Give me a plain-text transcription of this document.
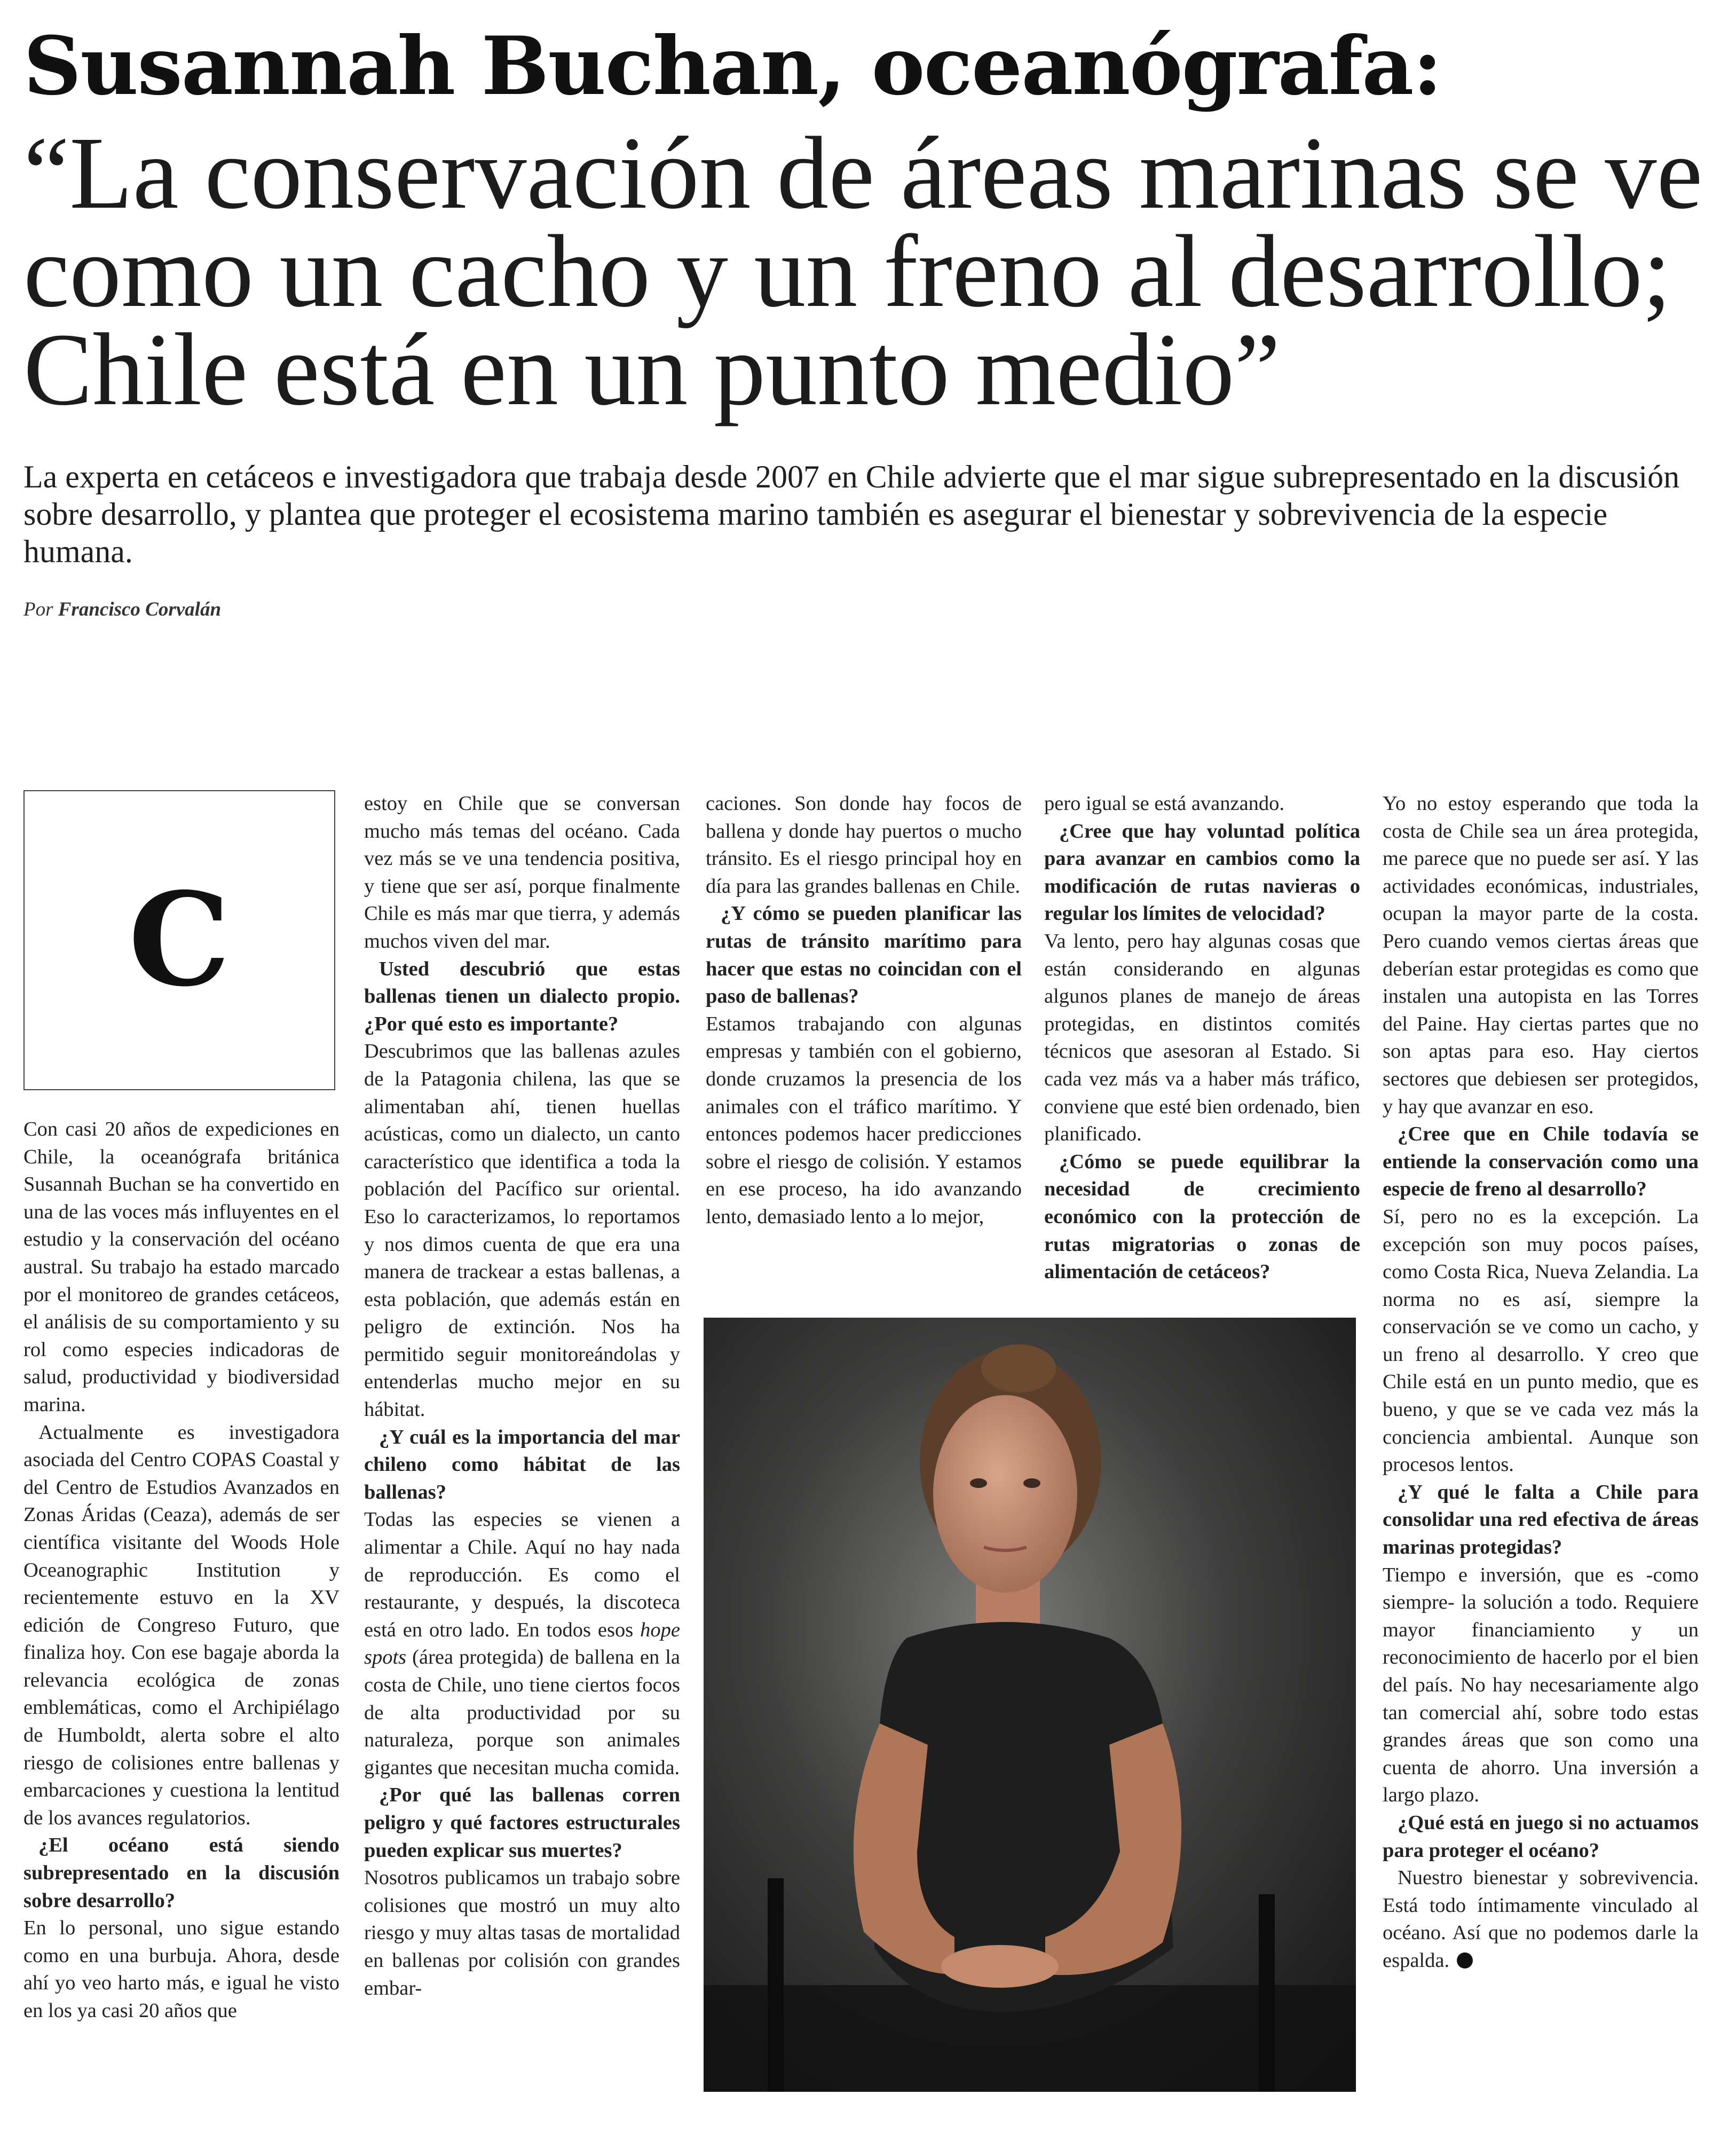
Susannah Buchan, oceanógrafa:
“La conservación de áreas marinas se ve
como un cacho y un freno al desarrollo;
Chile está en un punto medio”

La experta en cetáceos e investigadora que trabaja desde 2007 en Chile advierte que el mar sigue subrepresentado en la discusión sobre desarrollo, y plantea que proteger el ecosistema marino también es asegurar el bienestar y sobrevivencia de la especie humana.

Por Francisco Corvalán

C

Con casi 20 años de expediciones en Chile, la oceanógrafa británica Susannah Buchan se ha convertido en una de las voces más influyentes en el estudio y la conservación del océano austral. Su trabajo ha estado marcado por el monitoreo de grandes cetáceos, el análisis de su comportamiento y su rol como especies indicadoras de salud, productividad y biodiversidad marina.

Actualmente es investigadora asociada del Centro COPAS Coastal y del Centro de Estudios Avanzados en Zonas Áridas (Ceaza), además de ser científica visitante del Woods Hole Oceanographic Institution y recientemente estuvo en la XV edición de Congreso Futuro, que finaliza hoy. Con ese bagaje aborda la relevancia ecológica de zonas emblemáticas, como el Archipiélago de Humboldt, alerta sobre el alto riesgo de colisiones entre ballenas y embarcaciones y cuestiona la lentitud de los avances regulatorios.

¿El océano está siendo subrepresentado en la discusión sobre desarrollo?

En lo personal, uno sigue estando como en una burbuja. Ahora, desde ahí yo veo harto más, e igual he visto en los ya casi 20 años que

estoy en Chile que se conversan mucho más temas del océano. Cada vez más se ve una tendencia positiva, y tiene que ser así, porque finalmente Chile es más mar que tierra, y además muchos viven del mar.

Usted descubrió que estas ballenas tienen un dialecto propio. ¿Por qué esto es importante?

Descubrimos que las ballenas azules de la Patagonia chilena, las que se alimentaban ahí, tienen huellas acústicas, como un dialecto, un canto característico que identifica a toda la población del Pacífico sur oriental. Eso lo caracterizamos, lo reportamos y nos dimos cuenta de que era una manera de trackear a estas ballenas, a esta población, que además están en peligro de extinción. Nos ha permitido seguir monitoreándolas y entenderlas mucho mejor en su hábitat.

¿Y cuál es la importancia del mar chileno como hábitat de las ballenas?

Todas las especies se vienen a alimentar a Chile. Aquí no hay nada de reproducción. Es como el restaurante, y después, la discoteca está en otro lado. En todos esos hope spots (área protegida) de ballena en la costa de Chile, uno tiene ciertos focos de alta productividad por su naturaleza, porque son animales gigantes que necesitan mucha comida.

¿Por qué las ballenas corren peligro y qué factores estructurales pueden explicar sus muertes?

Nosotros publicamos un trabajo sobre colisiones que mostró un muy alto riesgo y muy altas tasas de mortalidad en ballenas por colisión con grandes embar-

caciones. Son donde hay focos de ballena y donde hay puertos o mucho tránsito. Es el riesgo principal hoy en día para las grandes ballenas en Chile.

¿Y cómo se pueden planificar las rutas de tránsito marítimo para hacer que estas no coincidan con el paso de ballenas?

Estamos trabajando con algunas empresas y también con el gobierno, donde cruzamos la presencia de los animales con el tráfico marítimo. Y entonces podemos hacer predicciones sobre el riesgo de colisión. Y estamos en ese proceso, ha ido avanzando lento, demasiado lento a lo mejor,

pero igual se está avanzando.

¿Cree que hay voluntad política para avanzar en cambios como la modificación de rutas navieras o regular los límites de velocidad?

Va lento, pero hay algunas cosas que están considerando en algunas algunos planes de manejo de áreas protegidas, en distintos comités técnicos que asesoran al Estado. Si cada vez más va a haber más tráfico, conviene que esté bien ordenado, bien planificado.

¿Cómo se puede equilibrar la necesidad de crecimiento económico con la protección de rutas migratorias o zonas de alimentación de cetáceos?

Yo no estoy esperando que toda la costa de Chile sea un área protegida, me parece que no puede ser así. Y las actividades económicas, industriales, ocupan la mayor parte de la costa. Pero cuando vemos ciertas áreas que deberían estar protegidas es como que instalen una autopista en las Torres del Paine. Hay ciertas partes que no son aptas para eso. Hay ciertos sectores que debiesen ser protegidos, y hay que avanzar en eso.

¿Cree que en Chile todavía se entiende la conservación como una especie de freno al desarrollo?

Sí, pero no es la excepción. La excepción son muy pocos países, como Costa Rica, Nueva Zelandia. La norma no es así, siempre la conservación se ve como un cacho, y un freno al desarrollo. Y creo que Chile está en un punto medio, que es bueno, y que se ve cada vez más la conciencia ambiental. Aunque son procesos lentos.

¿Y qué le falta a Chile para consolidar una red efectiva de áreas marinas protegidas?

Tiempo e inversión, que es -como siempre- la solución a todo. Requiere mayor financiamiento y un reconocimiento de hacerlo por el bien del país. No hay necesariamente algo tan comercial ahí, sobre todo estas grandes áreas que son como una cuenta de ahorro. Una inversión a largo plazo.

¿Qué está en juego si no actuamos para proteger el océano?

Nuestro bienestar y sobrevivencia. Está todo íntimamente vinculado al océano. Así que no podemos darle la espalda.
